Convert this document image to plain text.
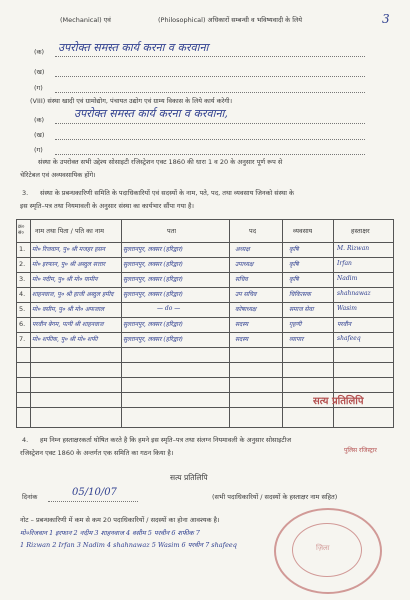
3
(Mechanical) एवं	(Philosophical) अधिकारों सम्बन्धी व भविष्यवादी के लिये
(क) उपरोक्त समस्त कार्य करना व करवाना
(ख)
(ग)
(VIII) संस्था खादी एवं ग्रामोद्योग, पंचायत उद्योग एवं ग्राम्य विकास के लिये कार्य करेगी।
(क)	उपरोक्त समस्त कार्य करना व करवाना,
(ख)
(ग)
संस्था के उपरोक्त सभी उद्देश्य सोसाइटी रजिस्ट्रेशन एक्ट 1860 की धारा 1 व 20 के अनुसार पूर्ण रूप से
चेरिटेबल एवं अव्यवसायिक होंगे।
3. संस्था के प्रबन्धकारिणी समिति के पदाधिकारियों एवं सदस्यों के नाम, पते, पद, तथा व्यवसाय जिनको संस्था के
इस स्मृति–पत्र तथा नियमावली के अनुसार संस्था का कार्यभार सौंपा गया है।
क्र० सं०	नाम तथा पिता / पति का नाम	पता	पद	व्यवसाय	हस्ताक्षर
1. मो० रिजवान, पु० श्री मजहर हसन	सुल्तानपुर, लक्सर (हरिद्वार)	अध्यक्ष	कृषि	M. Rizwan
2. मो० इरफान, पु० श्री अब्दुल सत्तार	सुल्तानपुर, लक्सर (हरिद्वार)	उपाध्यक्ष	कृषि	Irfan
3. मो० नदीम, पु० श्री मो० यामीन	सुल्तानपुर, लक्सर (हरिद्वार)	सचिव	कृषि	Nadim
4. शाहनवाज, पु० श्री हाजी अब्दुल हमीद	सुल्तानपुर, लक्सर (हरिद्वार)	उप सचिव	चिकित्सक	shahnawaz
5. मो० वसीम, पु० श्री मो० अफजाल	— do —	कोषाध्यक्ष	समाज सेवा	Wasim
6. परवीन बेगम, पत्नी श्री शाहनवाज	सुल्तानपुर, लक्सर (हरिद्वार)	सदस्य	गृहणी	परवीन
7. मो० शफीक, पु० श्री मो० शफी	सुल्तानपुर, लक्सर (हरिद्वार)	सदस्य	व्यापार	shafeeq
सत्य प्रतिलिपि
4. हम निम्न हस्ताक्षरकर्ता घोषित करते है कि हमने इस स्मृति–पत्र तथा संलग्न नियमावली के अनुसार सोसाइटीज
रजिस्ट्रेशन एक्ट 1860 के अन्तर्गत एक समिति का गठन किया है।	पुलिस रजिस्ट्रार
सत्य प्रतिलिपि
दिनांक	05/10/07	(सभी पदाधिकारियों / सदस्यों के हस्ताक्षर नाम सहित)
नोट – प्रबन्धकारिणी में कम से कम 20 पदाधिकारियों / सदस्यों का होना आवश्यक है।
मो०रिजवान 1 इरफान 2 नदीम 3 शाहनवाज 4 वसीम 5 परवीन 6 शफीक 7
1 Rizwan 2 Irfan 3 Nadim 4 shahnawaz 5 Wasim 6 परवीन 7 shafeeq	ज़िला
